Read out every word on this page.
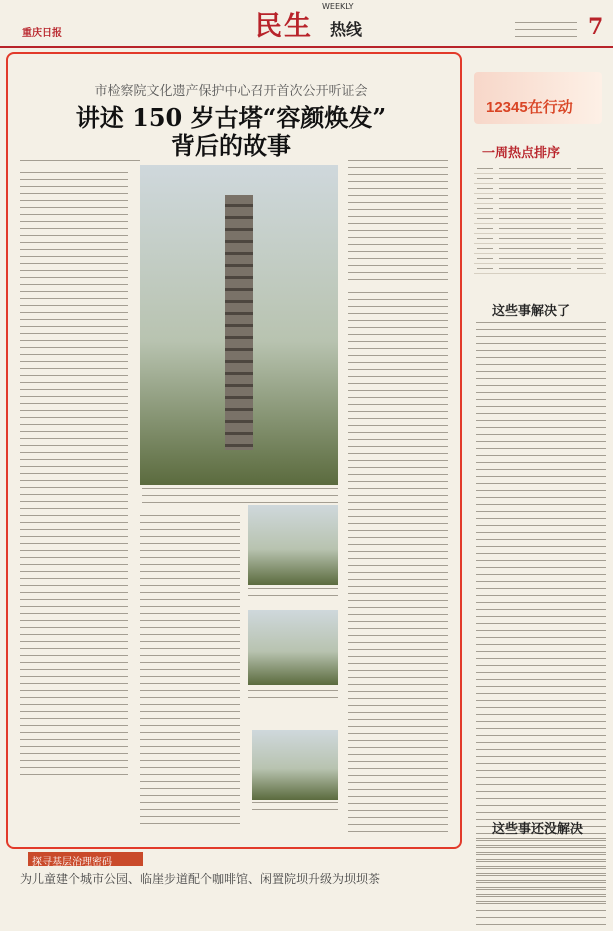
重庆日报	民生
WEEKLY
热线	7
市检察院文化遗产保护中心召开首次公开听证会
讲述 150 岁古塔“容颜焕发”
背后的故事
探寻基层治理密码
为儿童建个城市公园、临崖步道配个咖啡馆、闲置院坝升级为坝坝茶
12345在行动
一周热点排序

这些事解决了
这些事还没解决
